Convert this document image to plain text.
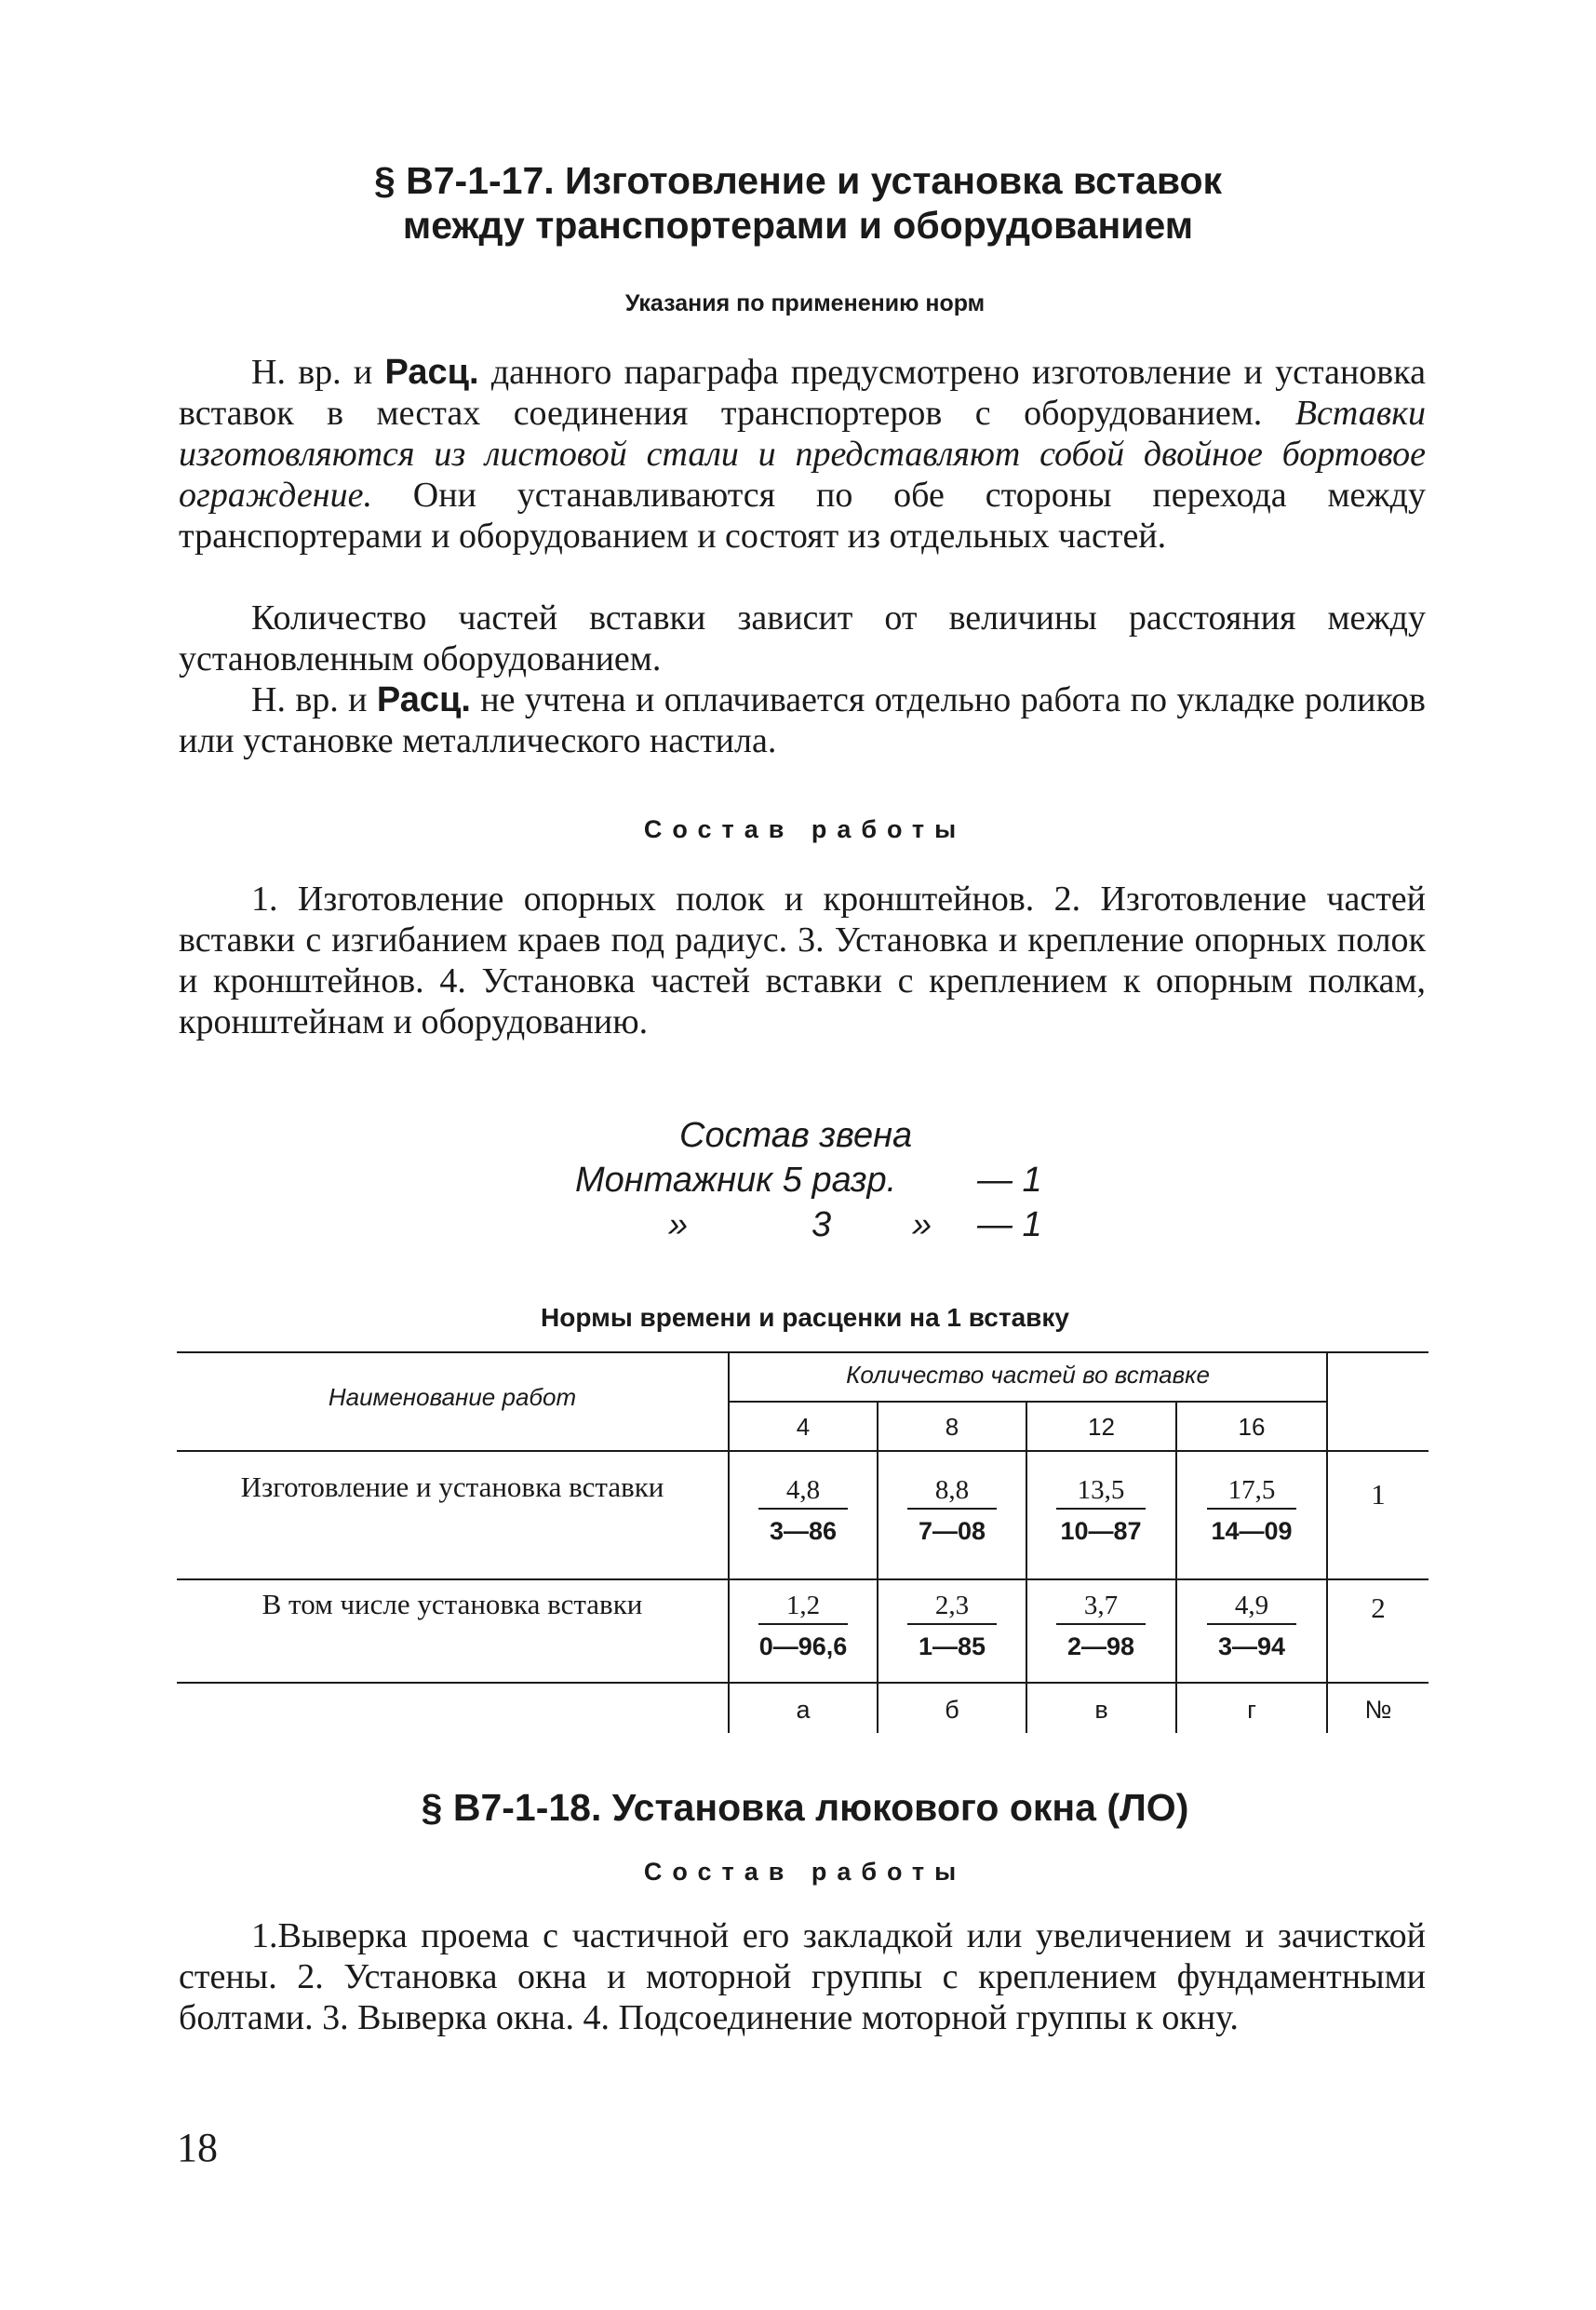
§ В7-1-17. Изготовление и установка вставок
между транспортерами и оборудованием
Указания по применению норм
Н. вр. и Расц. данного параграфа предусмотрено изготовление и установка вставок в местах соединения транспортеров с оборудованием. Вставки изготовляются из листовой стали и представляют собой двойное бортовое ограждение. Они устанавливаются по обе стороны перехода между транспортерами и оборудованием и состоят из отдельных частей.
Количество частей вставки зависит от величины расстояния между установленным оборудованием.
Н. вр. и Расц. не учтена и оплачивается отдельно работа по укладке роликов или установке металлического настила.
Состав работы
1. Изготовление опорных полок и кронштейнов. 2. Изготовление частей вставки с изгибанием краев под радиус. 3. Установка и крепление опорных полок и кронштейнов. 4. Установка частей вставки с креплением к опорным полкам, кронштейнам и оборудованию.
Состав звена
Монтажник 5 разр. — 1
»	3 » — 1
Нормы времени и расценки на 1 вставку
Наименование работ
Количество частей во вставке
4	8	12	16
Изготовление и установка вставки	$\frac{4,8}{3—86} \frac{8,8}{7—08} \frac{13,5}{10—87} \frac{17,5}{14—09}$	1
В том числе установка вставки	$\frac{1,2}{0—96,6} \frac{2,3}{1—85} \frac{3,7}{2—98} \frac{4,9}{3—94}$	2
а	б	в	г	№
§ В7-1-18. Установка люкового окна (ЛО)
Состав работы
1.Выверка проема с частичной его закладкой или увеличением и зачисткой стены. 2. Установка окна и моторной группы с креплением фундаментными болтами. 3. Выверка окна. 4. Подсоединение моторной группы к окну.
18
